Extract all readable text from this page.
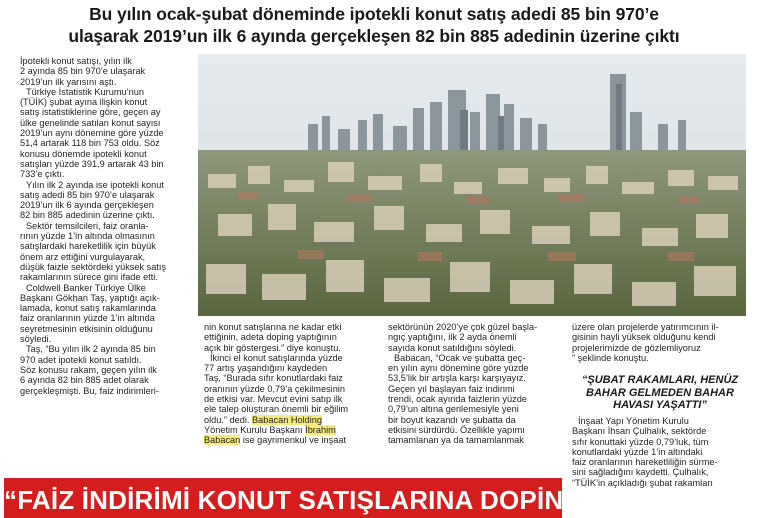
Bu yılın ocak-şubat döneminde ipotekli konut satış adedi 85 bin 970’e
ulaşarak 2019’un ilk 6 ayında gerçekleşen 82 bin 885 adedinin üzerine çıktı

İpotekli konut satışı, yılın ilk
2 ayında 85 bin 970’e ulaşarak
2019’un ilk yarısını aştı.

Türkiye İstatistik Kurumu’nun
(TÜİK) şubat ayına ilişkin konut
satış istatistiklerine göre, geçen ay
ülke genelinde satılan konut sayısı
2019’un aynı dönemine göre yüzde
51,4 artarak 118 bin 753 oldu. Söz
konusu dönemde ipotekli konut
satışları yüzde 391,9 artarak 43 bin
733’e çıktı.

Yılın ilk 2 ayında ise ipotekli konut
satış adedi 85 bin 970’e ulaşarak
2019’un ilk 6 ayında gerçekleşen
82 bin 885 adedinin üzerine çıktı.

Sektör temsilcileri, faiz oranla-
rının yüzde 1’in altında olmasının
satışlardaki hareketlilik için büyük
önem arz ettiğini vurgulayarak,
düşük faizle sektördeki yüksek satış
rakamlarının sürece gini ifade etti.

Coldwell Banker Türkiye Ülke
Başkanı Gökhan Taş, yaptığı açık-
lamada, konut satış rakamlarında
faiz oranlarının yüzde 1’in altında
seyretmesinin etkisinin olduğunu
söyledi.

Taş, “Bu yılın ilk 2 ayında 85 bin
970 adet ipotekli konut satıldı.
Söz konusu rakam, geçen yılın ilk
6 ayında 82 bin 885 adet olarak
gerçekleşmişti. Bu, faiz indirimleri-

nin konut satışlarına ne kadar etki
ettiğinin, adeta doping yaptığının
açık bir göstergesi.” diye konuştu.

İkinci el konut satışlarında yüzde
77 artış yaşandığını kaydeden
Taş, “Burada sıfır konutlardaki faiz
oranının yüzde 0,79’a çekilmesinin
de etkisi var. Mevcut evini satıp ilk
ele talep oluşturan önemli bir eğilim
oldu.” dedi. Babacan Holding
Yönetim Kurulu Başkanı İbrahim
Babacan ise gayrimenkul ve inşaat

sektörünün 2020’ye çok güzel başla-
ngıç yaptığını, ilk 2 ayda önemli
sayıda konut satıldığını söyledi.

Babacan, “Ocak ve şubatta geç-
en yılın aynı dönemine göre yüzde
53,5’lik bir artışla karşı karşıyayız.
Geçen yıl başlayan faiz indirimi
trendi, ocak ayında faizlerin yüzde
0,79’un altına gerilemesiyle yeni
bir boyut kazandı ve şubatta da
etkisini sürdürdü. Özellikle yapımı
tamamlanan ya da tamamlanmak

üzere olan projelerde yatırımcının il-
gisinin hayli yüksek olduğunu kendi
projelerimizde de gözlemliyoruz
” şeklinde konuştu.

“ŞUBAT RAKAMLARI, HENÜZ
BAHAR GELMEDEN BAHAR
HAVASI YAŞATTI”

İnşaat Yapı Yönetim Kurulu
Başkanı İhsan Çulhalık, sektörde
sıfır konuttaki yüzde 0,79’luk, tüm
konutlardaki yüzde 1’in altındaki
faiz oranlarının hareketliliğin sürme-
sini sağladığını kaydetti. Çulhalık,
“TÜİK’in açıkladığı şubat rakamları

“FAİZ İNDİRİMİ KONUT SATIŞLARINA DOPİNG ETKİSİ YAPTI”
